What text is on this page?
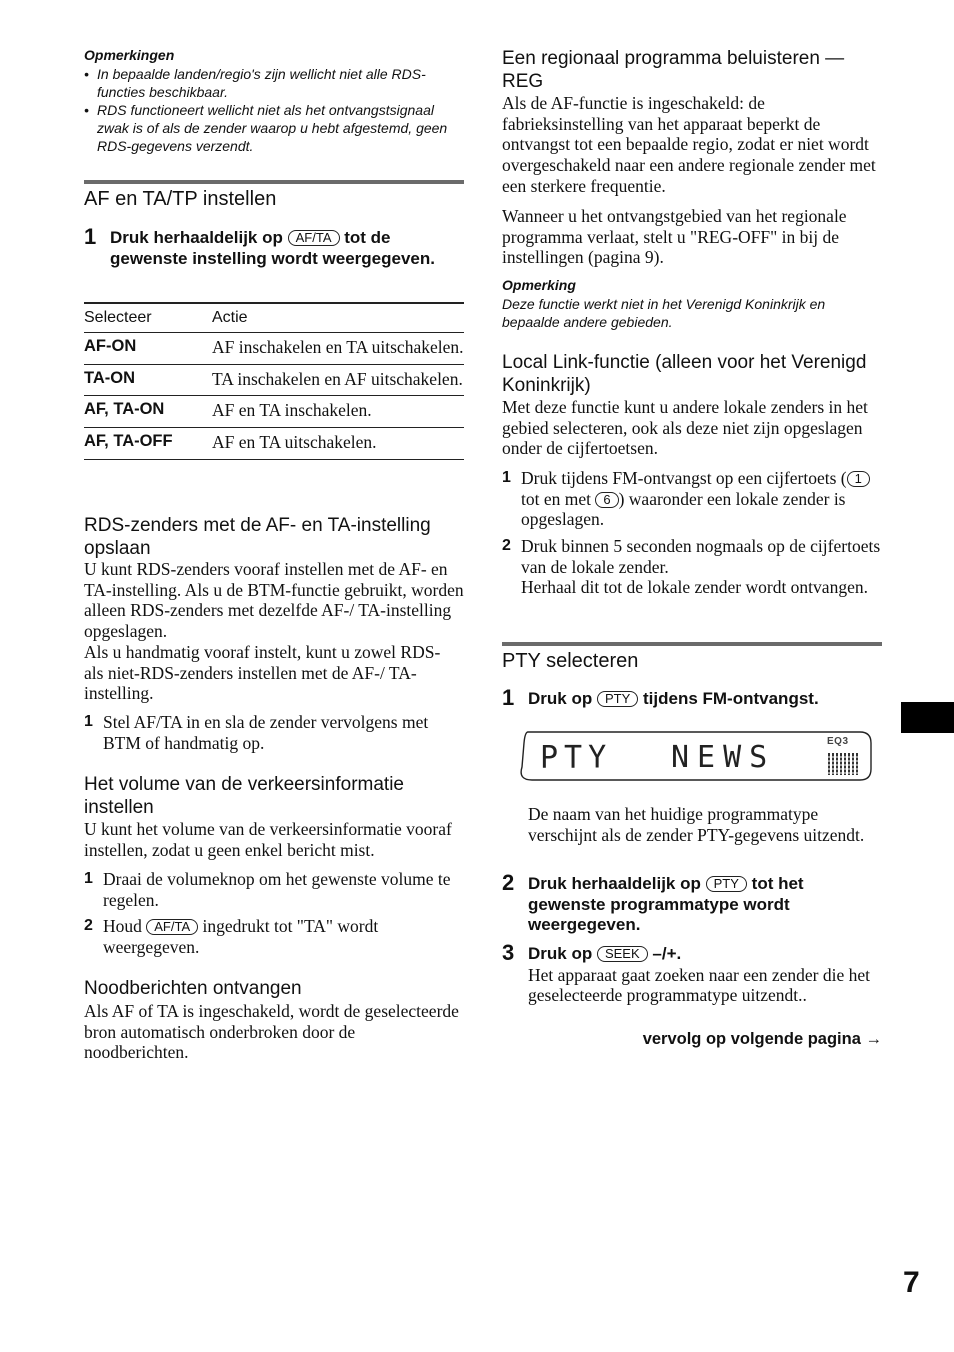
Opmerkingen
• In bepaalde landen/regio's zijn wellicht niet alle RDS-functies beschikbaar.
• RDS functioneert wellicht niet als het ontvangstsignaal zwak is of als de zender waarop u hebt afgestemd, geen RDS-gegevens verzendt.
AF en TA/TP instellen
1 Druk herhaaldelijk op AF/TA tot de gewenste instelling wordt weergegeven.
Selecteer	Actie
AF-ON	AF inschakelen en TA uitschakelen.
TA-ON	TA inschakelen en AF uitschakelen.
AF, TA-ON	AF en TA inschakelen.
AF, TA-OFF	AF en TA uitschakelen.
RDS-zenders met de AF- en TA-instelling opslaan
U kunt RDS-zenders vooraf instellen met de AF- en TA-instelling. Als u de BTM-functie gebruikt, worden alleen RDS-zenders met dezelfde AF-/ TA-instelling opgeslagen.
Als u handmatig vooraf instelt, kunt u zowel RDS- als niet-RDS-zenders instellen met de AF-/ TA-instelling.
1 Stel AF/TA in en sla de zender vervolgens met BTM of handmatig op.
Het volume van de verkeersinformatie instellen
U kunt het volume van de verkeersinformatie vooraf instellen, zodat u geen enkel bericht mist.
1 Draai de volumeknop om het gewenste volume te regelen.
2 Houd AF/TA ingedrukt tot "TA" wordt weergegeven.
Noodberichten ontvangen
Als AF of TA is ingeschakeld, wordt de geselecteerde bron automatisch onderbroken door de noodberichten.
Een regionaal programma beluisteren — REG
Als de AF-functie is ingeschakeld: de fabrieksinstelling van het apparaat beperkt de ontvangst tot een bepaalde regio, zodat er niet wordt overgeschakeld naar een andere regionale zender met een sterkere frequentie.
Wanneer u het ontvangstgebied van het regionale programma verlaat, stelt u "REG-OFF" in bij de instellingen (pagina 9).
Opmerking
Deze functie werkt niet in het Verenigd Koninkrijk en bepaalde andere gebieden.
Local Link-functie (alleen voor het Verenigd Koninkrijk)
Met deze functie kunt u andere lokale zenders in het gebied selecteren, ook als deze niet zijn opgeslagen onder de cijfertoetsen.
1 Druk tijdens FM-ontvangst op een cijfertoets ( 1 tot en met 6 ) waaronder een lokale zender is opgeslagen.
2 Druk binnen 5 seconden nogmaals op de cijfertoets van de lokale zender.
Herhaal dit tot de lokale zender wordt ontvangen.
PTY selecteren
1 Druk op PTY tijdens FM-ontvangst.
PTY NEWS	EQ3
De naam van het huidige programmatype verschijnt als de zender PTY-gegevens uitzendt.
2 Druk herhaaldelijk op PTY tot het gewenste programmatype wordt weergegeven.
3 Druk op SEEK –/+.
Het apparaat gaat zoeken naar een zender die het geselecteerde programmatype uitzendt..
vervolg op volgende pagina →
7
